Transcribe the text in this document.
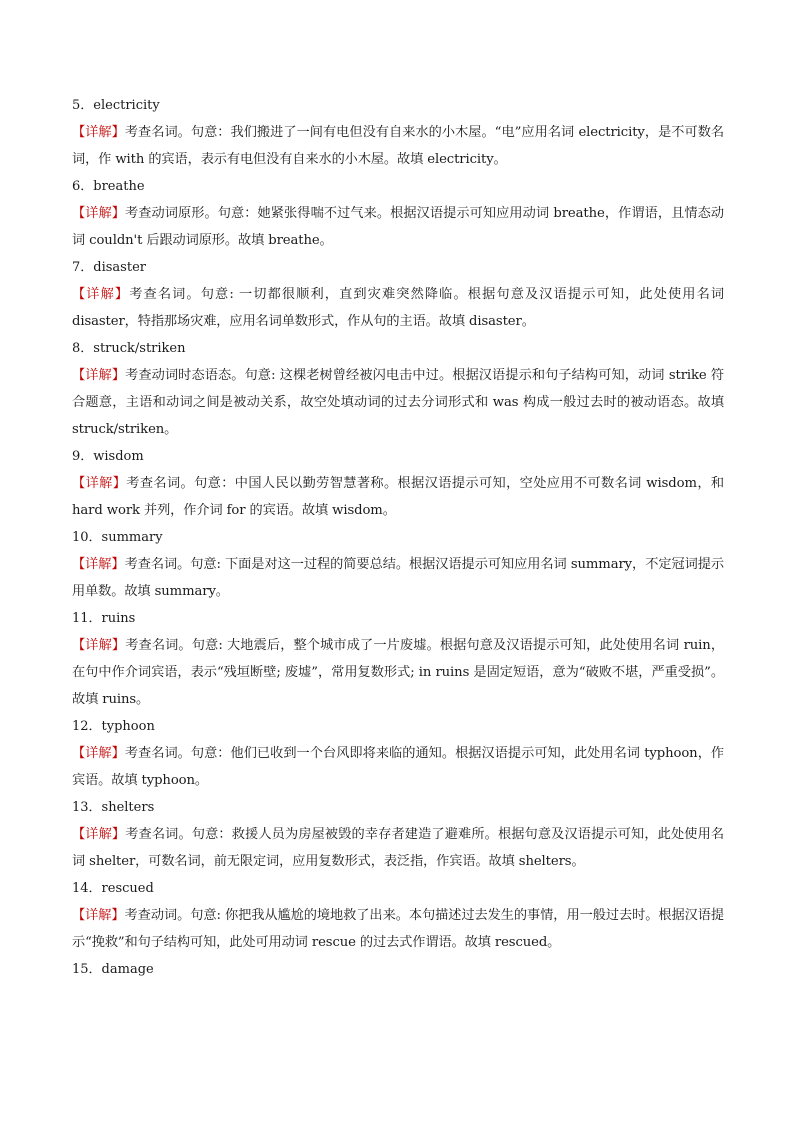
5．electricity
【详解】考查名词。句意：我们搬进了一间有电但没有自来水的小木屋。“电”应用名词 electricity，是不可数名词，作 with 的宾语，表示有电但没有自来水的小木屋。故填 electricity。
6．breathe
【详解】考查动词原形。句意：她紧张得喘不过气来。根据汉语提示可知应用动词 breathe，作谓语，且情态动词 couldn't 后跟动词原形。故填 breathe。
7．disaster
【详解】考查名词。句意: 一切都很顺利，直到灾难突然降临。根据句意及汉语提示可知，此处使用名词 disaster，特指那场灾难，应用名词单数形式，作从句的主语。故填 disaster。
8．struck/striken
【详解】考查动词时态语态。句意: 这棵老树曾经被闪电击中过。根据汉语提示和句子结构可知，动词 strike 符合题意，主语和动词之间是被动关系，故空处填动词的过去分词形式和 was 构成一般过去时的被动语态。故填 struck/striken。
9．wisdom
【详解】考查名词。句意：中国人民以勤劳智慧著称。根据汉语提示可知，空处应用不可数名词 wisdom，和 hard work 并列，作介词 for 的宾语。故填 wisdom。
10．summary
【详解】考查名词。句意: 下面是对这一过程的简要总结。根据汉语提示可知应用名词 summary，不定冠词提示用单数。故填 summary。
11．ruins
【详解】考查名词。句意: 大地震后，整个城市成了一片废墟。根据句意及汉语提示可知，此处使用名词 ruin，在句中作介词宾语，表示“残垣断壁; 废墟”，常用复数形式; in ruins 是固定短语，意为“破败不堪，严重受损”。故填 ruins。
12．typhoon
【详解】考查名词。句意：他们已收到一个台风即将来临的通知。根据汉语提示可知，此处用名词 typhoon，作宾语。故填 typhoon。
13．shelters
【详解】考查名词。句意：救援人员为房屋被毁的幸存者建造了避难所。根据句意及汉语提示可知，此处使用名词 shelter，可数名词，前无限定词，应用复数形式，表泛指，作宾语。故填 shelters。
14．rescued
【详解】考查动词。句意: 你把我从尴尬的境地救了出来。本句描述过去发生的事情，用一般过去时。根据汉语提示“挽救”和句子结构可知，此处可用动词 rescue 的过去式作谓语。故填 rescued。
15．damage
